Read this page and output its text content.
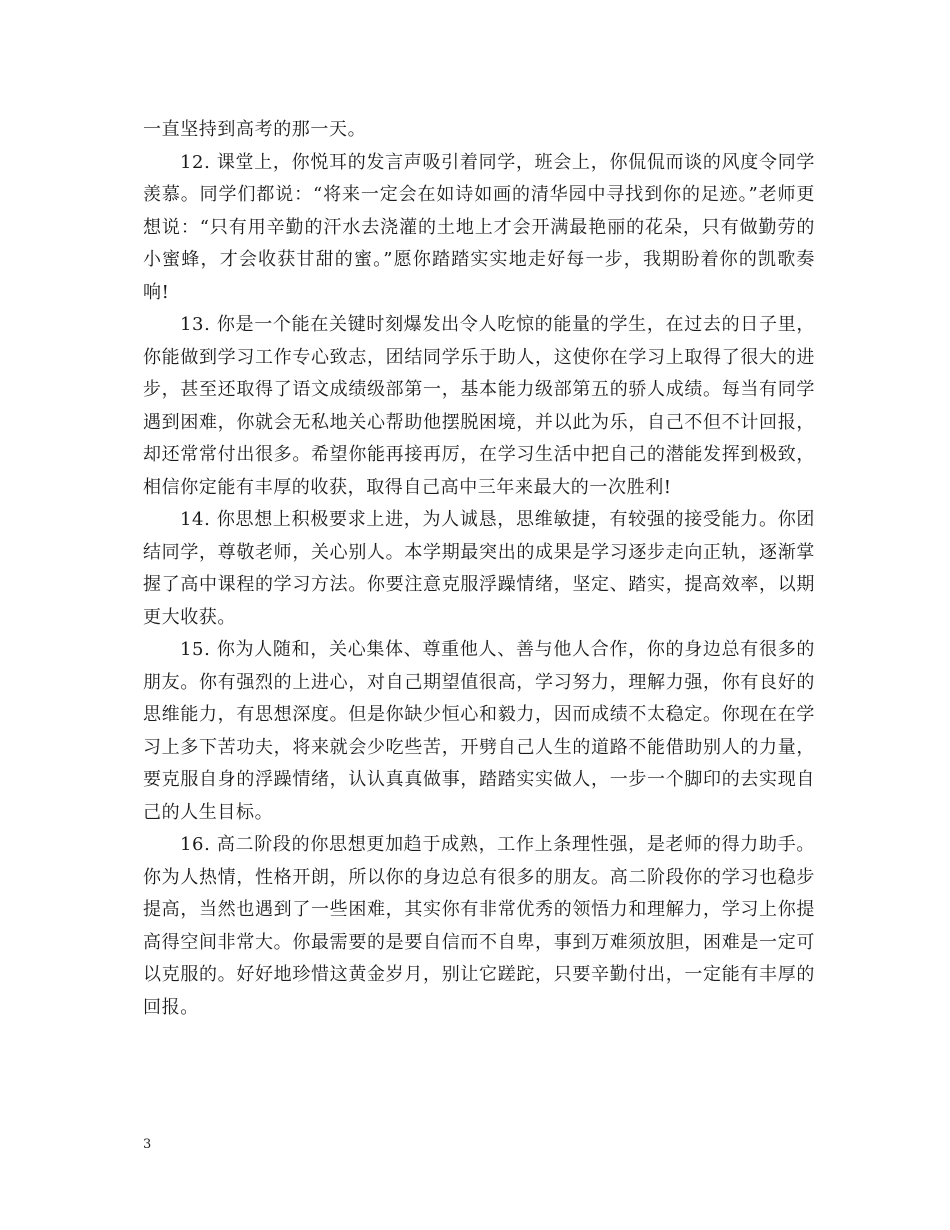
一直坚持到高考的那一天。

12. 课堂上，你悦耳的发言声吸引着同学，班会上，你侃侃而谈的风度令同学羡慕。同学们都说：“将来一定会在如诗如画的清华园中寻找到你的足迹。”老师更想说：“只有用辛勤的汗水去浇灌的土地上才会开满最艳丽的花朵，只有做勤劳的小蜜蜂，才会收获甘甜的蜜。”愿你踏踏实实地走好每一步，我期盼着你的凯歌奏响!

13. 你是一个能在关键时刻爆发出令人吃惊的能量的学生，在过去的日子里，你能做到学习工作专心致志，团结同学乐于助人，这使你在学习上取得了很大的进步，甚至还取得了语文成绩级部第一，基本能力级部第五的骄人成绩。每当有同学遇到困难，你就会无私地关心帮助他摆脱困境，并以此为乐，自己不但不计回报，却还常常付出很多。希望你能再接再厉，在学习生活中把自己的潜能发挥到极致，相信你定能有丰厚的收获，取得自己高中三年来最大的一次胜利!

14. 你思想上积极要求上进，为人诚恳，思维敏捷，有较强的接受能力。你团结同学，尊敬老师，关心别人。本学期最突出的成果是学习逐步走向正轨，逐渐掌握了高中课程的学习方法。你要注意克服浮躁情绪，坚定、踏实，提高效率，以期更大收获。

15. 你为人随和，关心集体、尊重他人、善与他人合作，你的身边总有很多的朋友。你有强烈的上进心，对自己期望值很高，学习努力，理解力强，你有良好的思维能力，有思想深度。但是你缺少恒心和毅力，因而成绩不太稳定。你现在在学习上多下苦功夫，将来就会少吃些苦，开劈自己人生的道路不能借助别人的力量，要克服自身的浮躁情绪，认认真真做事，踏踏实实做人，一步一个脚印的去实现自己的人生目标。

16. 高二阶段的你思想更加趋于成熟，工作上条理性强，是老师的得力助手。你为人热情，性格开朗，所以你的身边总有很多的朋友。高二阶段你的学习也稳步提高，当然也遇到了一些困难，其实你有非常优秀的领悟力和理解力，学习上你提高得空间非常大。你最需要的是要自信而不自卑，事到万难须放胆，困难是一定可以克服的。好好地珍惜这黄金岁月，别让它蹉跎，只要辛勤付出，一定能有丰厚的回报。

3
